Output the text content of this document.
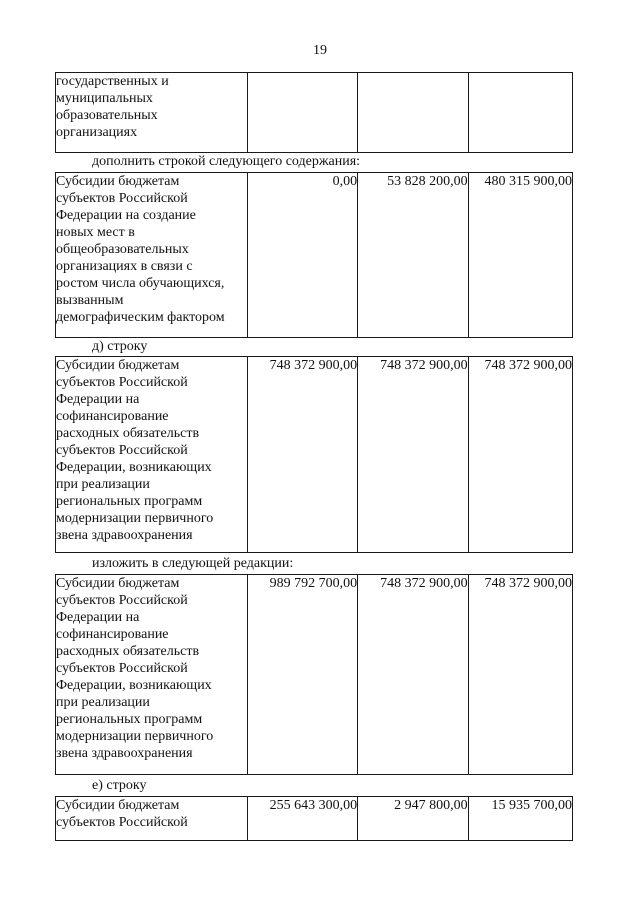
19
государственных и
муниципальных
образовательных
организациях

дополнить строкой следующего содержания:
Субсидии бюджетам
субъектов Российской
Федерации на создание
новых мест в
общеобразовательных
организациях в связи с
ростом числа обучающихся,
вызванным
демографическим фактором
	0,00	53 828 200,00	480 315 900,00
д) строку
Субсидии бюджетам
субъектов Российской
Федерации на
софинансирование
расходных обязательств
субъектов Российской
Федерации, возникающих
при реализации
региональных программ
модернизации первичного
звена здравоохранения
	748 372 900,00	748 372 900,00	748 372 900,00
изложить в следующей редакции:
Субсидии бюджетам
субъектов Российской
Федерации на
софинансирование
расходных обязательств
субъектов Российской
Федерации, возникающих
при реализации
региональных программ
модернизации первичного
звена здравоохранения
	989 792 700,00	748 372 900,00	748 372 900,00
е) строку
Субсидии бюджетам
субъектов Российской
	255 643 300,00	2 947 800,00	15 935 700,00
